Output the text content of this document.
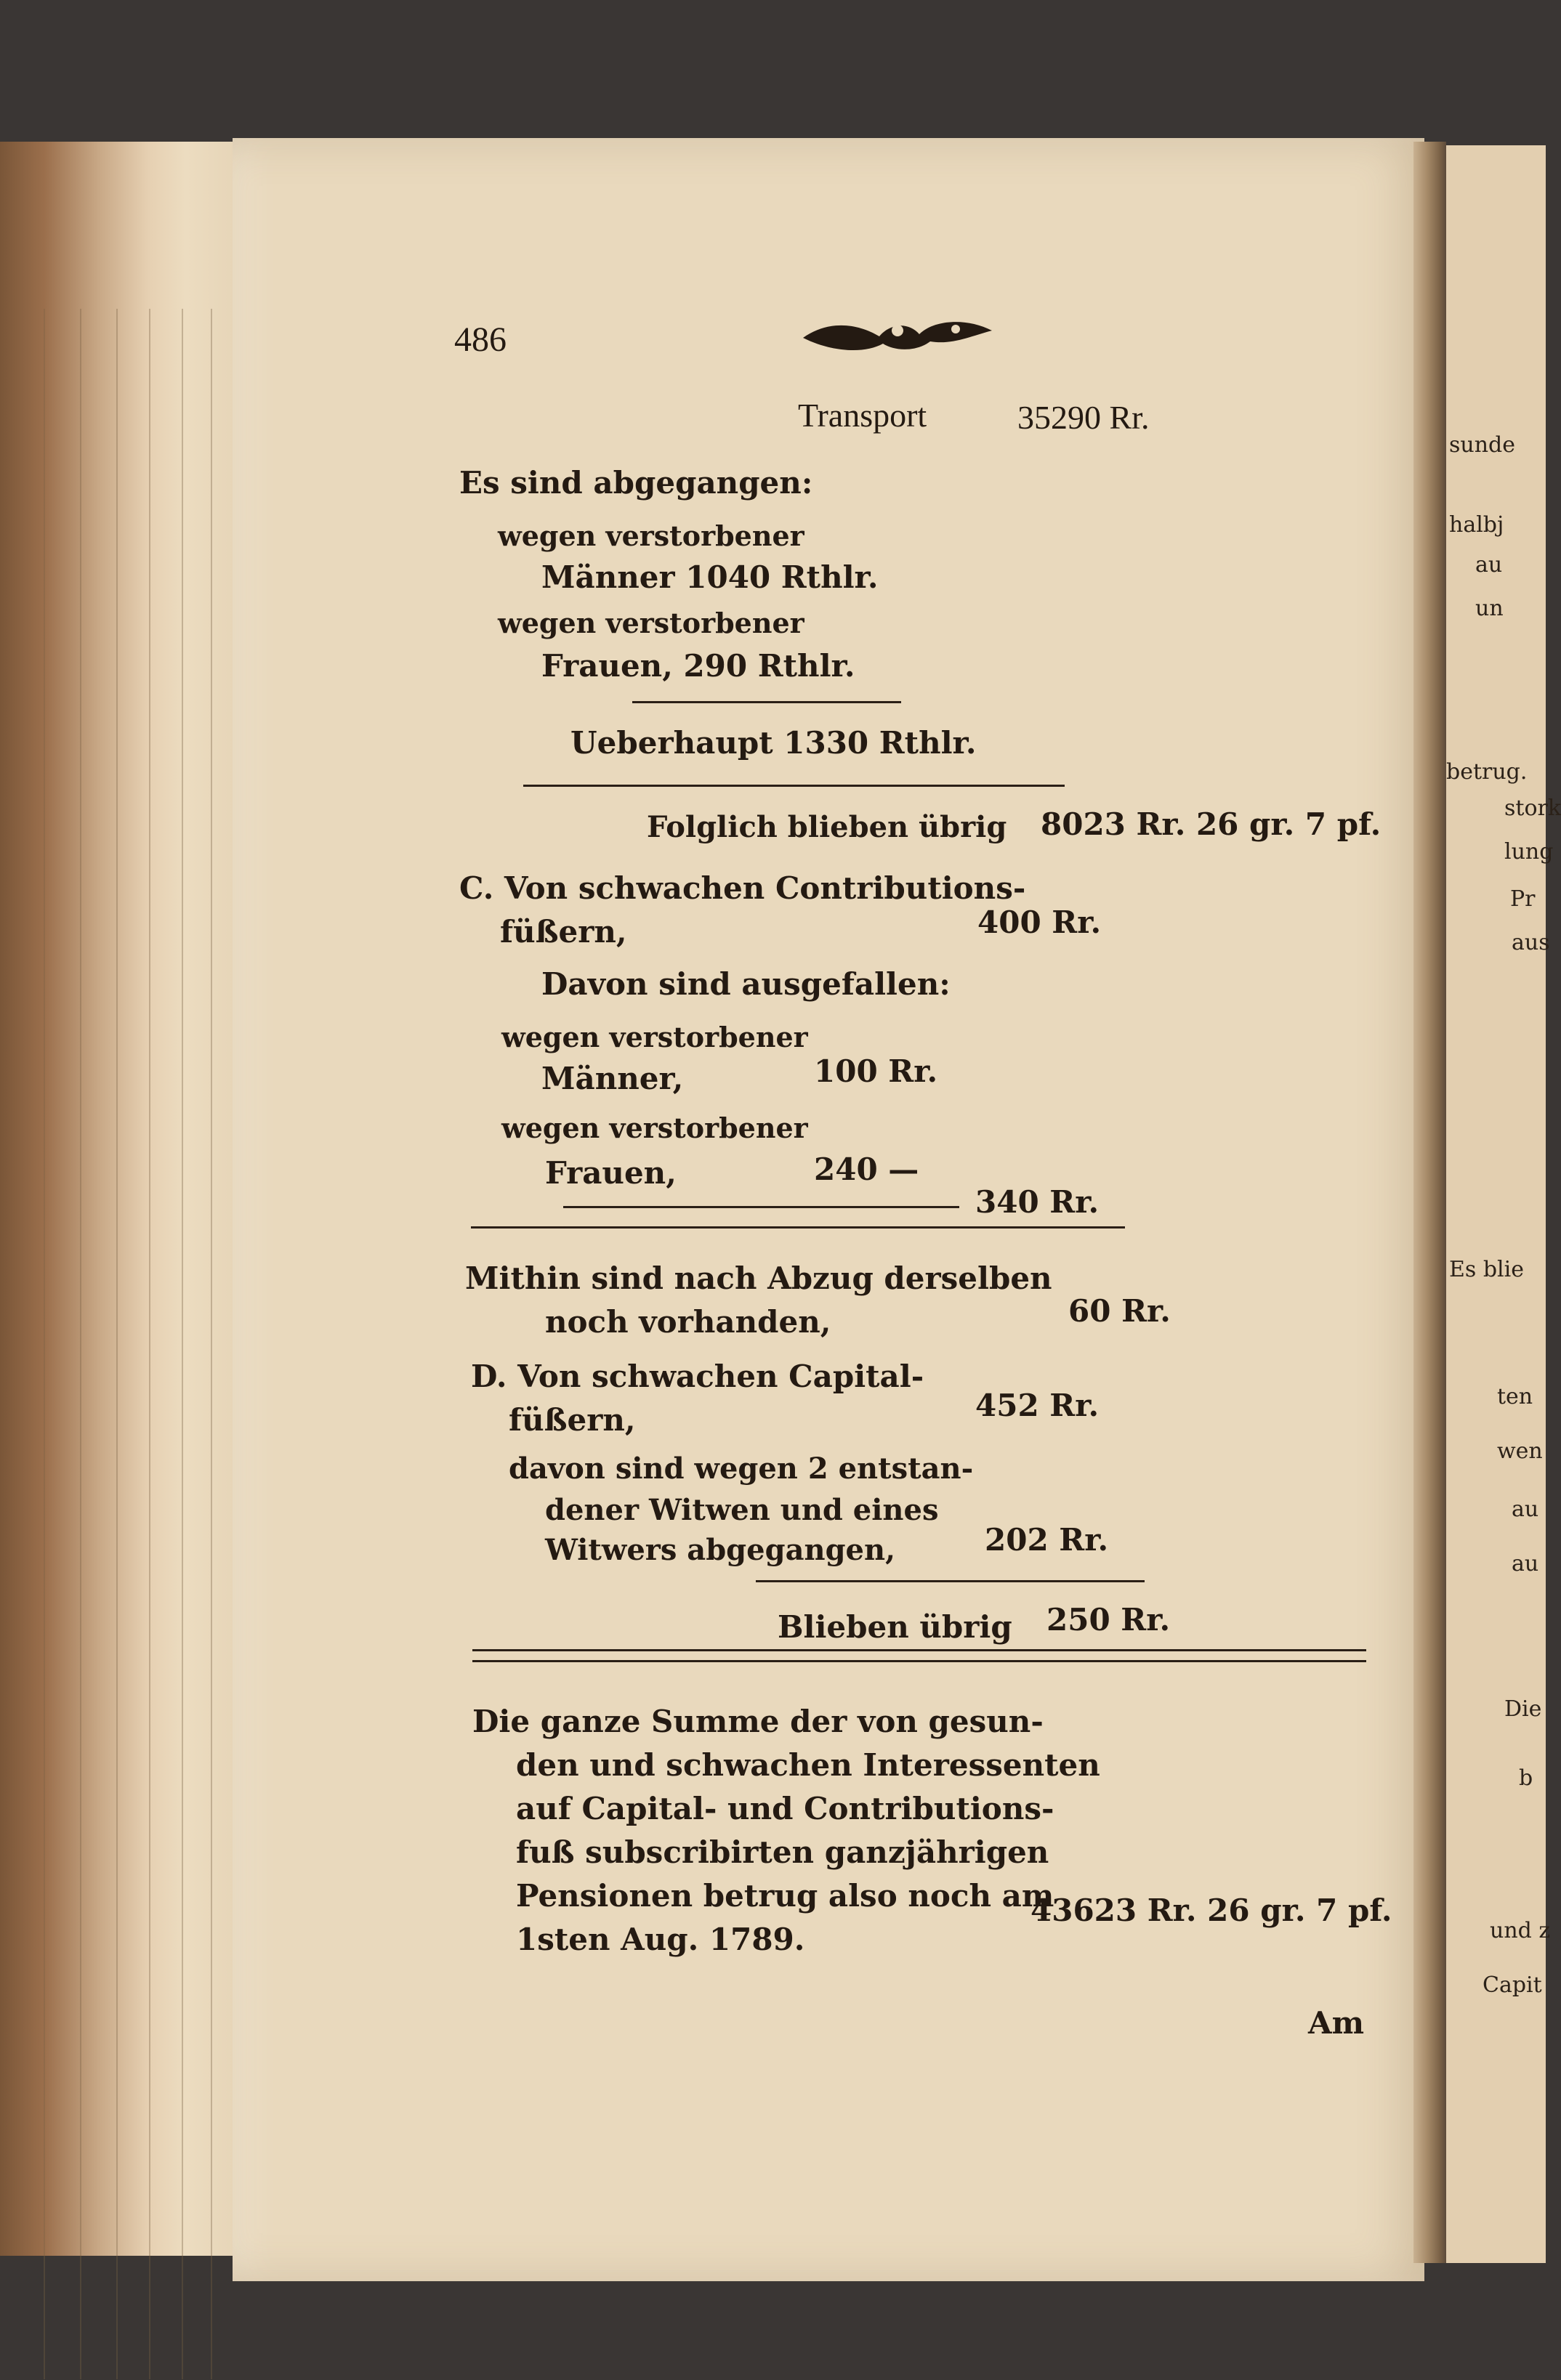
sunde
halbj
au
un
betrug.
stork
lung
Pr
aus
Es blie
ten
wen
au
au
Die
b
und z
Capit
486
Transport	35290 Rr.
Es sind abgegangen:
wegen verstorbener
Männer 1040 Rthlr.
wegen verstorbener
Frauen, 290 Rthlr.
Ueberhaupt 1330 Rthlr.
Folglich blieben übrig 8023 Rr. 26 gr. 7 pf.
C. Von schwachen Contributions-
füßern,	400 Rr.
Davon sind ausgefallen:
wegen verstorbener
Männer,	100 Rr.
wegen verstorbener
Frauen,	240 —
340 Rr.
Mithin sind nach Abzug derselben
noch vorhanden,	60 Rr.
D. Von schwachen Capital-
füßern,	452 Rr.
davon sind wegen 2 entstan-
dener Witwen und eines
Witwers abgegangen,	202 Rr.
Blieben übrig 250 Rr.
Die ganze Summe der von gesun-
den und schwachen Interessenten
auf Capital- und Contributions-
fuß subscribirten ganzjährigen
Pensionen betrug also noch am
1sten Aug. 1789.
43623 Rr. 26 gr. 7 pf.
Am
